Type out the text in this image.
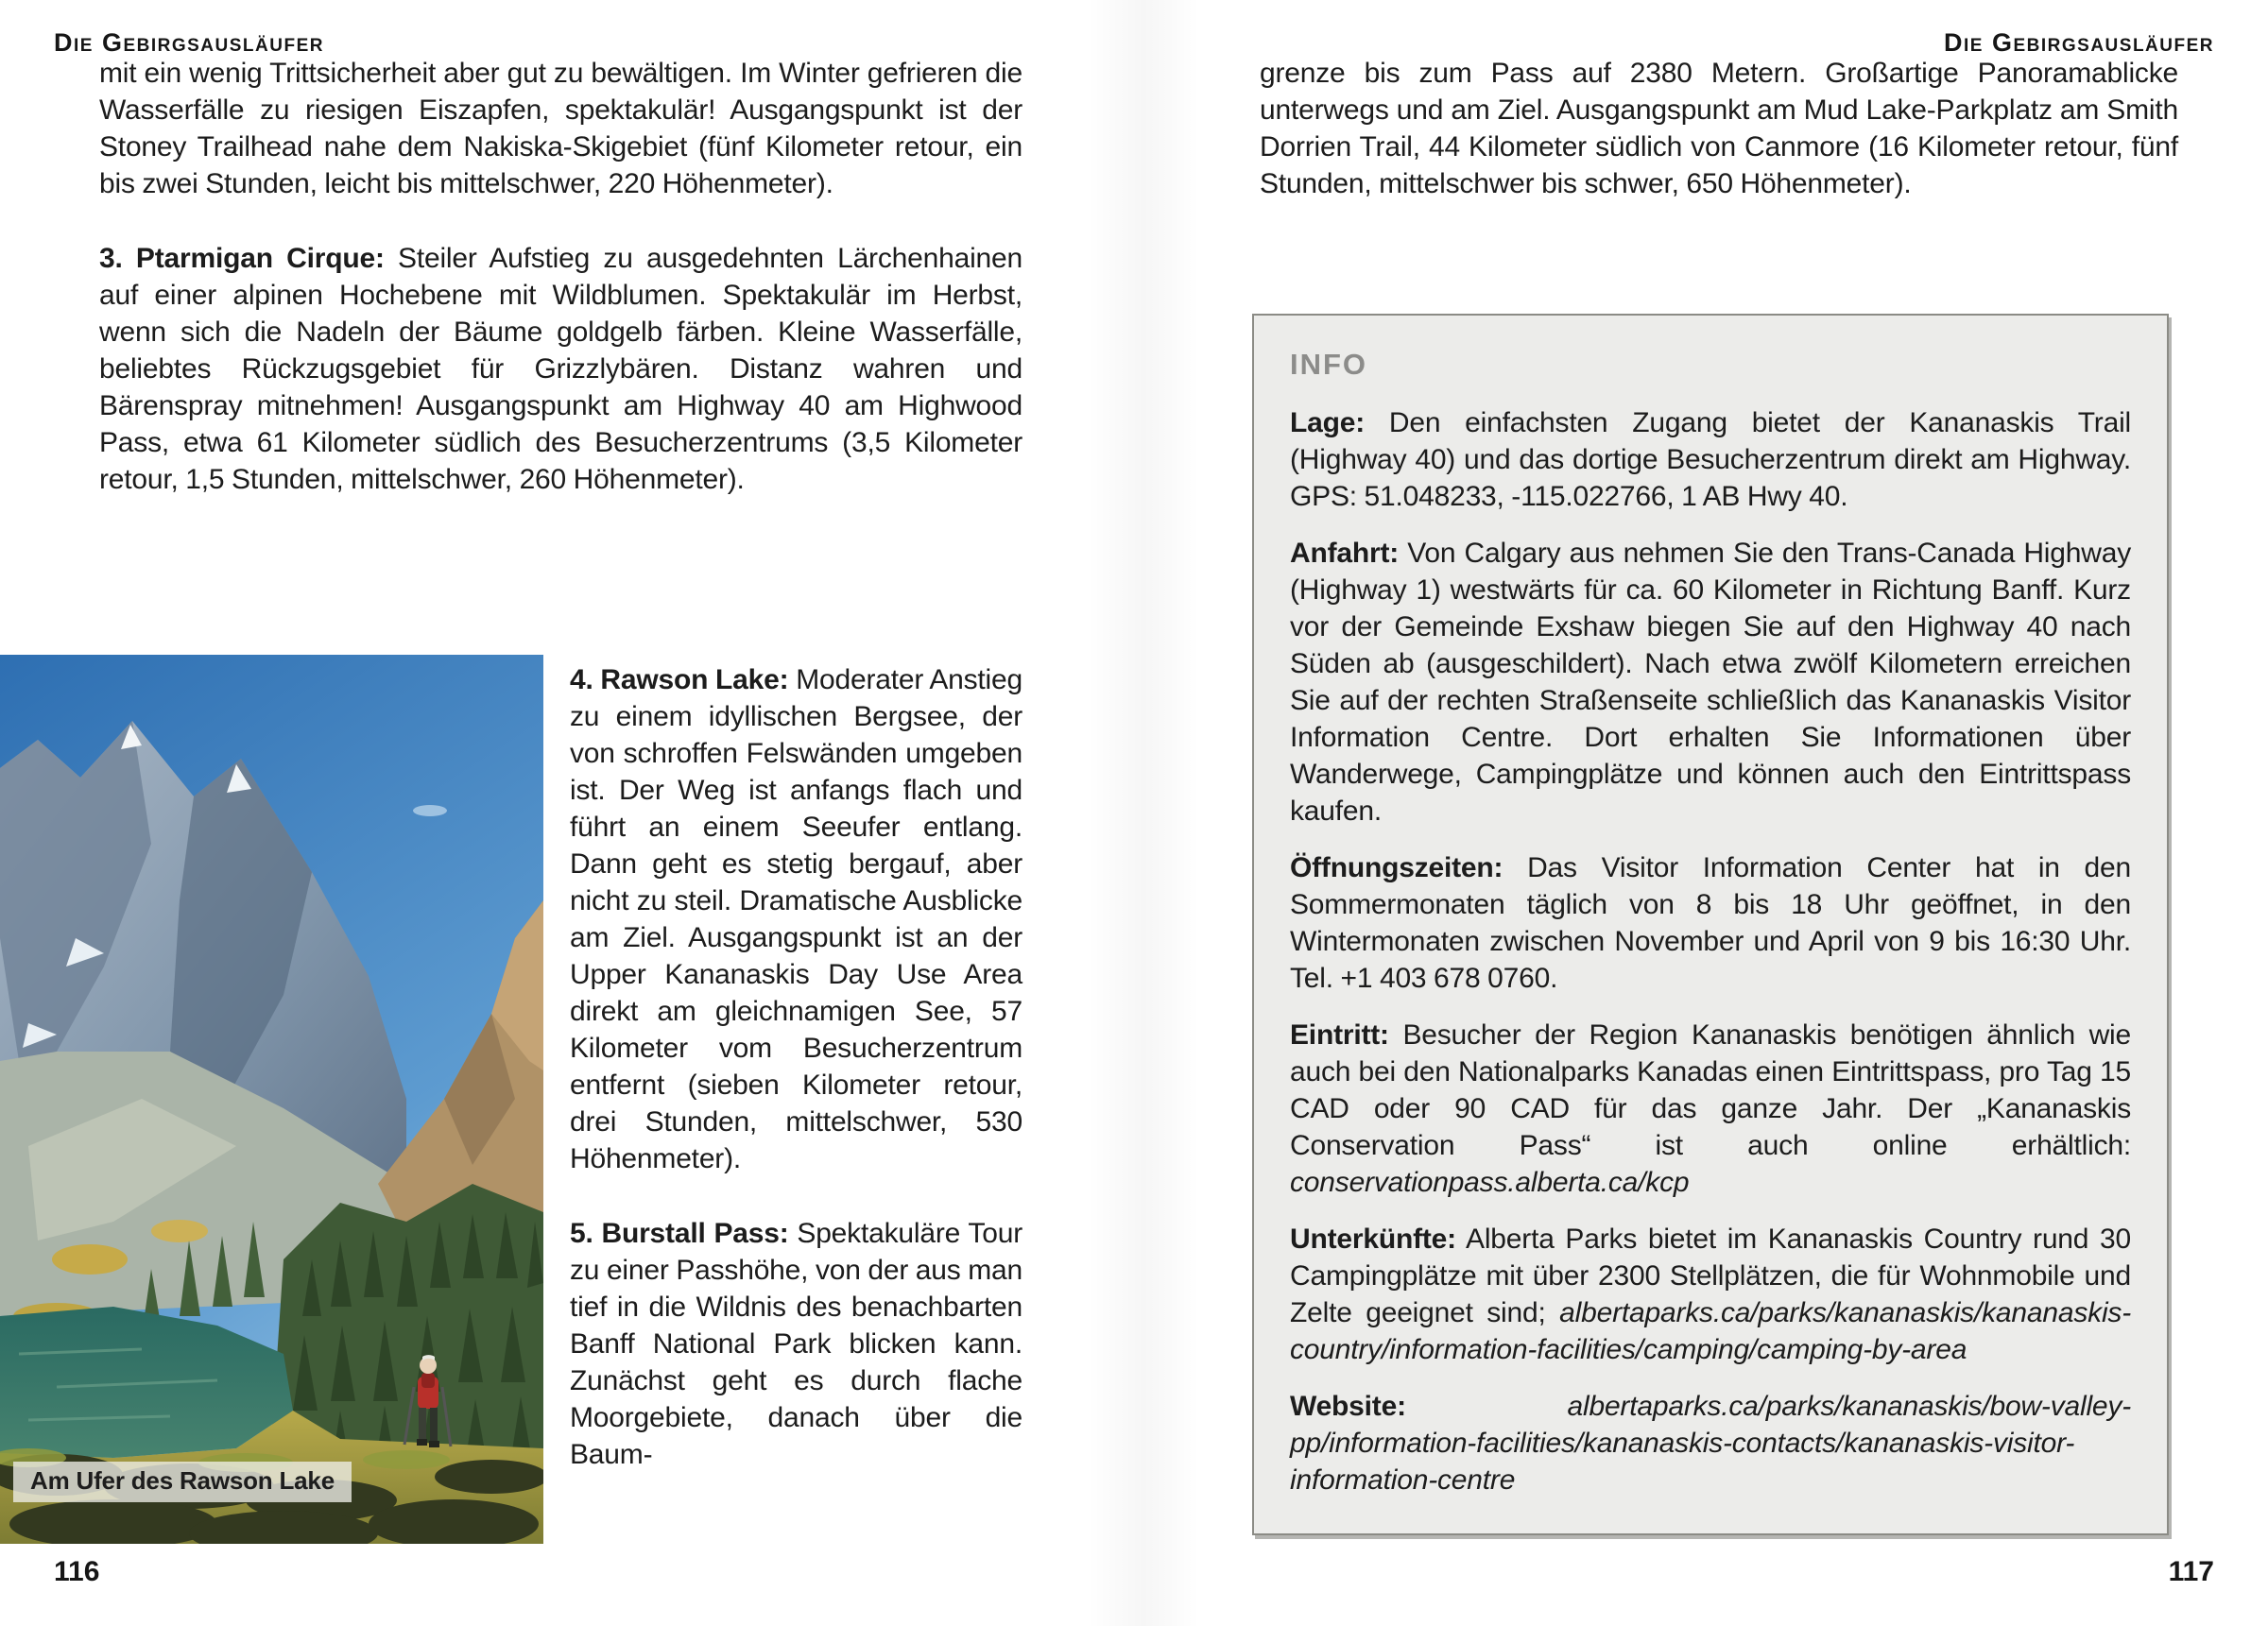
Die Gebirgsausläufer	Die Gebirgsausläufer

mit ein wenig Trittsicherheit aber gut zu bewältigen. Im Winter gefrieren die Wasserfälle zu riesigen Eiszapfen, spektakulär! Ausgangspunkt ist der Stoney Trailhead nahe dem Nakiska-Skigebiet (fünf Kilometer retour, ein bis zwei Stunden, leicht bis mittelschwer, 220 Höhenmeter).

3. Ptarmigan Cirque: Steiler Aufstieg zu ausgedehnten Lärchenhainen auf einer alpinen Hochebene mit Wildblumen. Spektakulär im Herbst, wenn sich die Nadeln der Bäume goldgelb färben. Kleine Wasserfälle, beliebtes Rückzugsgebiet für Grizzlybären. Distanz wahren und Bärenspray mitnehmen! Ausgangspunkt am Highway 40 am Highwood Pass, etwa 61 Kilometer südlich des Besucherzentrums (3,5 Kilometer retour, 1,5 Stunden, mittelschwer, 260 Höhenmeter).

Am Ufer des Rawson Lake

4. Rawson Lake: Moderater Anstieg zu einem idyllischen Bergsee, der von schroffen Felswänden umgeben ist. Der Weg ist anfangs flach und führt an einem Seeufer entlang. Dann geht es stetig bergauf, aber nicht zu steil. Dramatische Ausblicke am Ziel. Ausgangspunkt ist an der Upper Kananaskis Day Use Area direkt am gleichnamigen See, 57 Kilometer vom Besucherzentrum entfernt (sieben Kilometer retour, drei Stunden, mittelschwer, 530 Höhenmeter).

5. Burstall Pass: Spektakuläre Tour zu einer Passhöhe, von der aus man tief in die Wildnis des benachbarten Banff National Park blicken kann. Zunächst geht es durch flache Moorgebiete, danach über die Baum-

grenze bis zum Pass auf 2380 Metern. Großartige Panoramablicke unterwegs und am Ziel. Ausgangspunkt am Mud Lake-Parkplatz am Smith Dorrien Trail, 44 Kilometer südlich von Canmore (16 Kilometer retour, fünf Stunden, mittelschwer bis schwer, 650 Höhenmeter).

INFO

Lage: Den einfachsten Zugang bietet der Kananaskis Trail (Highway 40) und das dortige Besucherzentrum direkt am Highway. GPS: 51.048233, -115.022766, 1 AB Hwy 40.

Anfahrt: Von Calgary aus nehmen Sie den Trans-Canada Highway (Highway 1) westwärts für ca. 60 Kilometer in Richtung Banff. Kurz vor der Gemeinde Exshaw biegen Sie auf den Highway 40 nach Süden ab (ausgeschildert). Nach etwa zwölf Kilometern erreichen Sie auf der rechten Straßenseite schließlich das Kananaskis Visitor Information Centre. Dort erhalten Sie Informationen über Wanderwege, Campingplätze und können auch den Eintrittspass kaufen.

Öffnungszeiten: Das Visitor Information Center hat in den Sommermonaten täglich von 8 bis 18 Uhr geöffnet, in den Wintermonaten zwischen November und April von 9 bis 16:30 Uhr. Tel. +1 403 678 0760.

Eintritt: Besucher der Region Kananaskis benötigen ähnlich wie auch bei den Nationalparks Kanadas einen Eintrittspass, pro Tag 15 CAD oder 90 CAD für das ganze Jahr. Der „Kananaskis Conservation Pass“ ist auch online erhältlich: conservationpass.alberta.ca/kcp

Unterkünfte: Alberta Parks bietet im Kananaskis Country rund 30 Campingplätze mit über 2300 Stellplätzen, die für Wohnmobile und Zelte geeignet sind; albertaparks.ca/parks/kananaskis/kananaskis-country/information-facilities/camping/camping-by-area

Website:	albertaparks.ca/parks/kananaskis/bow-valley-pp/information-facilities/kananaskis-contacts/kananaskis-visitor-information-centre

116	117
